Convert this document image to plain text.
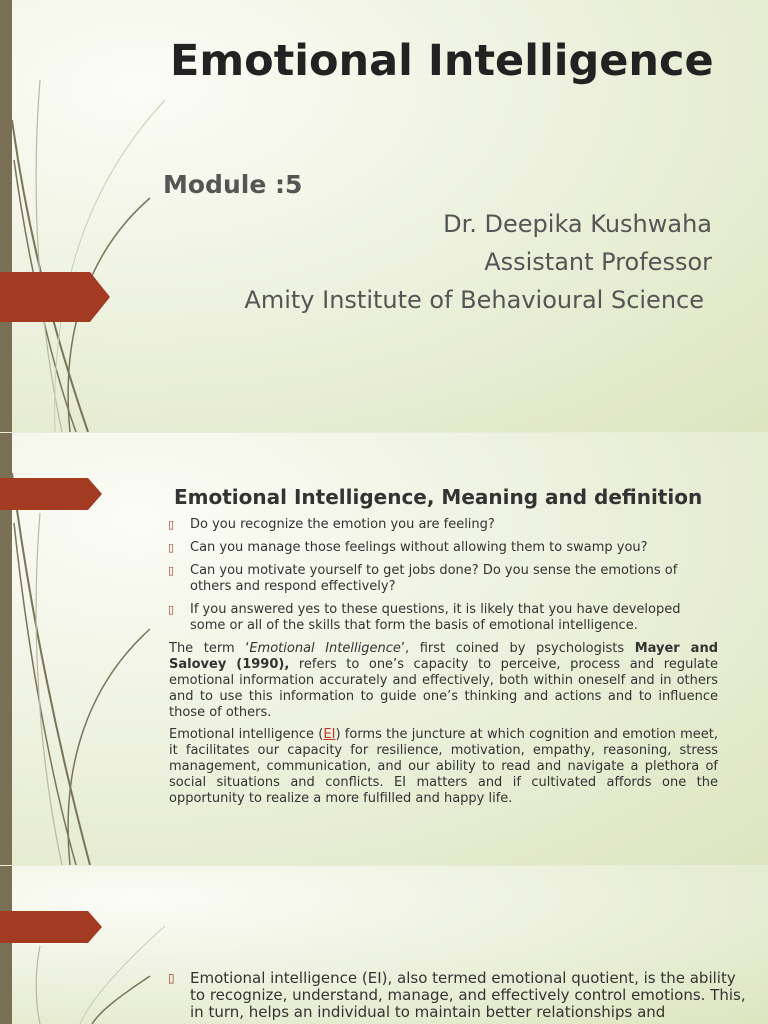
Emotional Intelligence
Module :5
Dr. Deepika Kushwaha
Assistant Professor
Amity Institute of Behavioural Science
Emotional Intelligence, Meaning and definition
▯ Do you recognize the emotion you are feeling?
▯ Can you manage those feelings without allowing them to swamp you?
▯ Can you motivate yourself to get jobs done? Do you sense the emotions of others and respond effectively?
▯ If you answered yes to these questions, it is likely that you have developed some or all of the skills that form the basis of emotional intelligence.

The term ‘Emotional Intelligence’, first coined by psychologists Mayer and Salovey (1990), refers to one’s capacity to perceive, process and regulate emotional information accurately and effectively, both within oneself and in others and to use this information to guide one’s thinking and actions and to influence those of others.

Emotional intelligence (EI) forms the juncture at which cognition and emotion meet, it facilitates our capacity for resilience, motivation, empathy, reasoning, stress management, communication, and our ability to read and navigate a plethora of social situations and conflicts. EI matters and if cultivated affords one the opportunity to realize a more fulfilled and happy life.

▯ Emotional intelligence (EI), also termed emotional quotient, is the ability to recognize, understand, manage, and effectively control emotions. This, in turn, helps an individual to maintain better relationships and
